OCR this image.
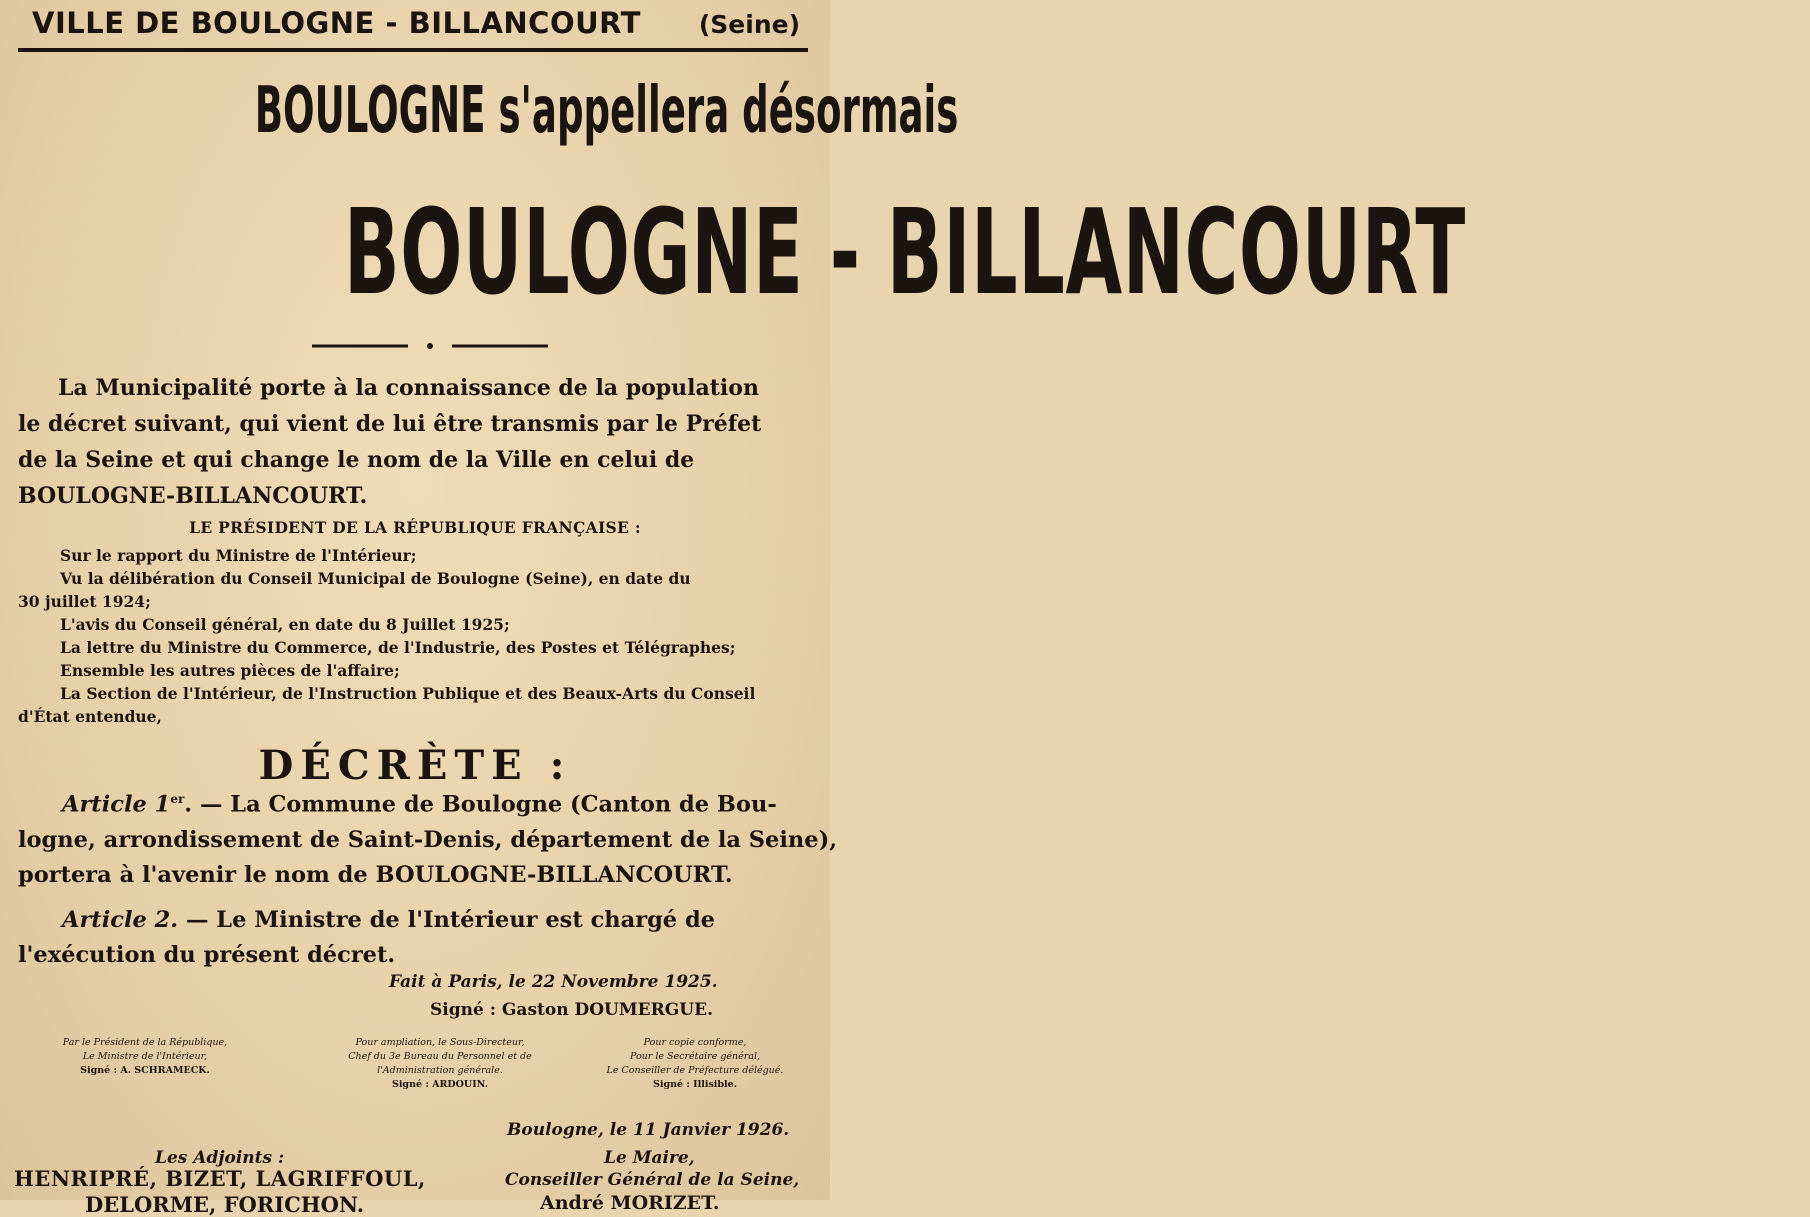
VILLE DE BOULOGNE - BILLANCOURT (Seine)
BOULOGNE s'appellera désormais
BOULOGNE - BILLANCOURT
La Municipalité porte à la connaissance de la population
le décret suivant, qui vient de lui être transmis par le Préfet
de la Seine et qui change le nom de la Ville en celui de
BOULOGNE-BILLANCOURT.
LE PRÉSIDENT DE LA RÉPUBLIQUE FRANÇAISE :
Sur le rapport du Ministre de l'Intérieur;
Vu la délibération du Conseil Municipal de Boulogne (Seine), en date du
30 juillet 1924;
L'avis du Conseil général, en date du 8 Juillet 1925;
La lettre du Ministre du Commerce, de l'Industrie, des Postes et Télégraphes;
Ensemble les autres pièces de l'affaire;
La Section de l'Intérieur, de l'Instruction Publique et des Beaux-Arts du Conseil
d'État entendue,
DÉCRÈTE :
Article 1er. — La Commune de Boulogne (Canton de Bou-
logne, arrondissement de Saint-Denis, département de la Seine),
portera à l'avenir le nom de BOULOGNE-BILLANCOURT.
Article 2. — Le Ministre de l'Intérieur est chargé de
l'exécution du présent décret.
Fait à Paris, le 22 Novembre 1925.
Signé : Gaston DOUMERGUE.
Par le Président de la République,
Le Ministre de l'Intérieur,
Signé : A. SCHRAMECK.
Pour ampliation, le Sous-Directeur,
Chef du 3e Bureau du Personnel et de
l'Administration générale.
Signé : ARDOUIN.
Pour copie conforme,
Pour le Secrétaire général,
Le Conseiller de Préfecture délégué.
Signé : Illisible.
Boulogne, le 11 Janvier 1926.
Les Adjoints :
HENRIPRÉ, BIZET, LAGRIFFOUL,
DELORME, FORICHON.
Le Maire,
Conseiller Général de la Seine,
André MORIZET.
